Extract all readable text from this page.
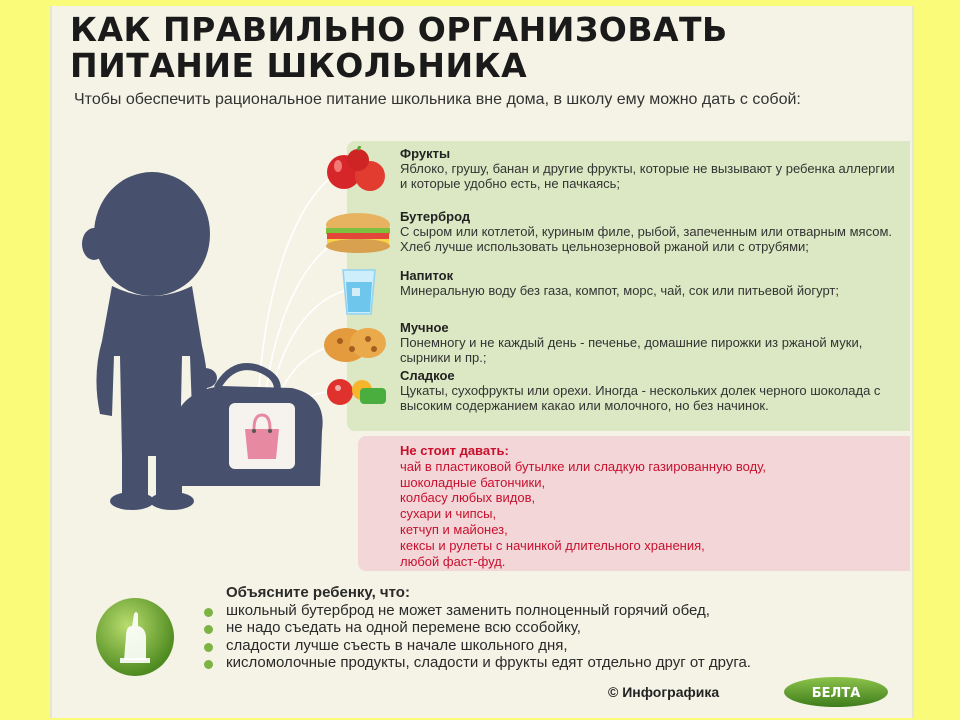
КАК ПРАВИЛЬНО ОРГАНИЗОВАТЬ
ПИТАНИЕ ШКОЛЬНИКА
Чтобы обеспечить рациональное питание школьника вне дома, в школу ему можно дать с собой:
Фрукты
Яблоко, грушу, банан и другие фрукты, которые не вызывают у ребенка аллергии и которые удобно есть, не пачкаясь;
Бутерброд
С сыром или котлетой, куриным филе, рыбой, запеченным или отварным мясом. Хлеб лучше использовать цельнозерновой ржаной или с отрубями;
Напиток
Минеральную воду без газа, компот, морс, чай, сок или питьевой йогурт;
Мучное
Понемногу и не каждый день - печенье, домашние пирожки из ржаной муки, сырники и пр.;
Сладкое
Цукаты, сухофрукты или орехи. Иногда - нескольких долек черного шоколада с высоким содержанием какао или молочного, но без начинок.
Не стоит давать:
чай в пластиковой бутылке или сладкую газированную воду,
шоколадные батончики,
колбасу любых видов,
сухари и чипсы,
кетчуп и майонез,
кексы и рулеты с начинкой длительного хранения,
любой фаст-фуд.
Объясните ребенку, что:
школьный бутерброд не может заменить полноценный горячий обед,
не надо съедать на одной перемене всю ссобойку,
сладости лучше съесть в начале школьного дня,
кисломолочные продукты, сладости и фрукты едят отдельно друг от друга.
© Инфографика	БЕЛТА
